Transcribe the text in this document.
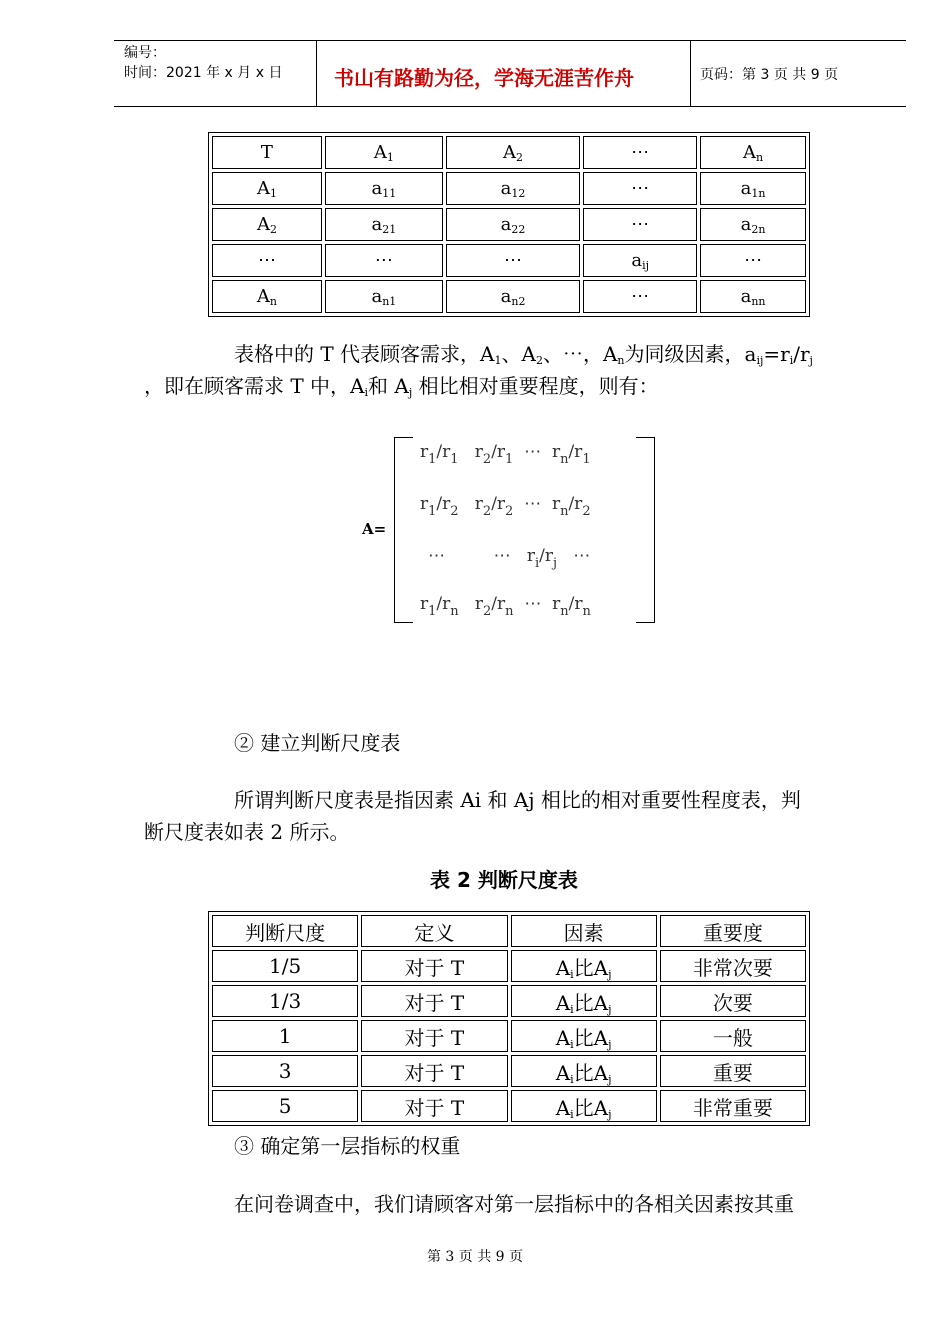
编号：
时间：2021 年 x 月 x 日	书山有路勤为径，学海无涯苦作舟	页码：第 3 页 共 9 页
T	$A_1$	$A_2$	⋯	$A_n$
$A_1$	$a_{11}$	$a_{12}$	⋯	$a_{1n}$
$A_2$	$a_{21}$	$a_{22}$	⋯	$a_{2n}$
⋯	⋯	⋯	$a_{ij}$	⋯
$A_n$	$a_{n1}$	$a_{n2}$	⋯	$a_{nn}$
表格中的 T 代表顾客需求，$A_1$、$A_2$、⋯，$A_n$为同级因素，$a_{ij}=r_i/r_j$
，即在顾客需求 T 中，$A_i$和 $A_j$ 相比相对重要程度，则有：
A=
$r_1/r_1$   $r_2/r_1$  ⋯  $r_n/r_1$
$r_1/r_2$   $r_2/r_2$  ⋯  $r_n/r_2$
⋯         ⋯   $r_i/r_j$   ⋯
$r_1/r_n$   $r_2/r_n$  ⋯  $r_n/r_n$
② 建立判断尺度表
所谓判断尺度表是指因素 Ai 和 Aj 相比的相对重要性程度表，判
断尺度表如表 2 所示。
表 2 判断尺度表
判断尺度	定义	因素	重要度
1/5	对于 T	$A_i$比$A_j$	非常次要
1/3	对于 T	$A_i$比$A_j$	次要
1	对于 T	$A_i$比$A_j$	一般
3	对于 T	$A_i$比$A_j$	重要
5	对于 T	$A_i$比$A_j$	非常重要
③ 确定第一层指标的权重
在问卷调查中，我们请顾客对第一层指标中的各相关因素按其重
第 3 页 共 9 页
